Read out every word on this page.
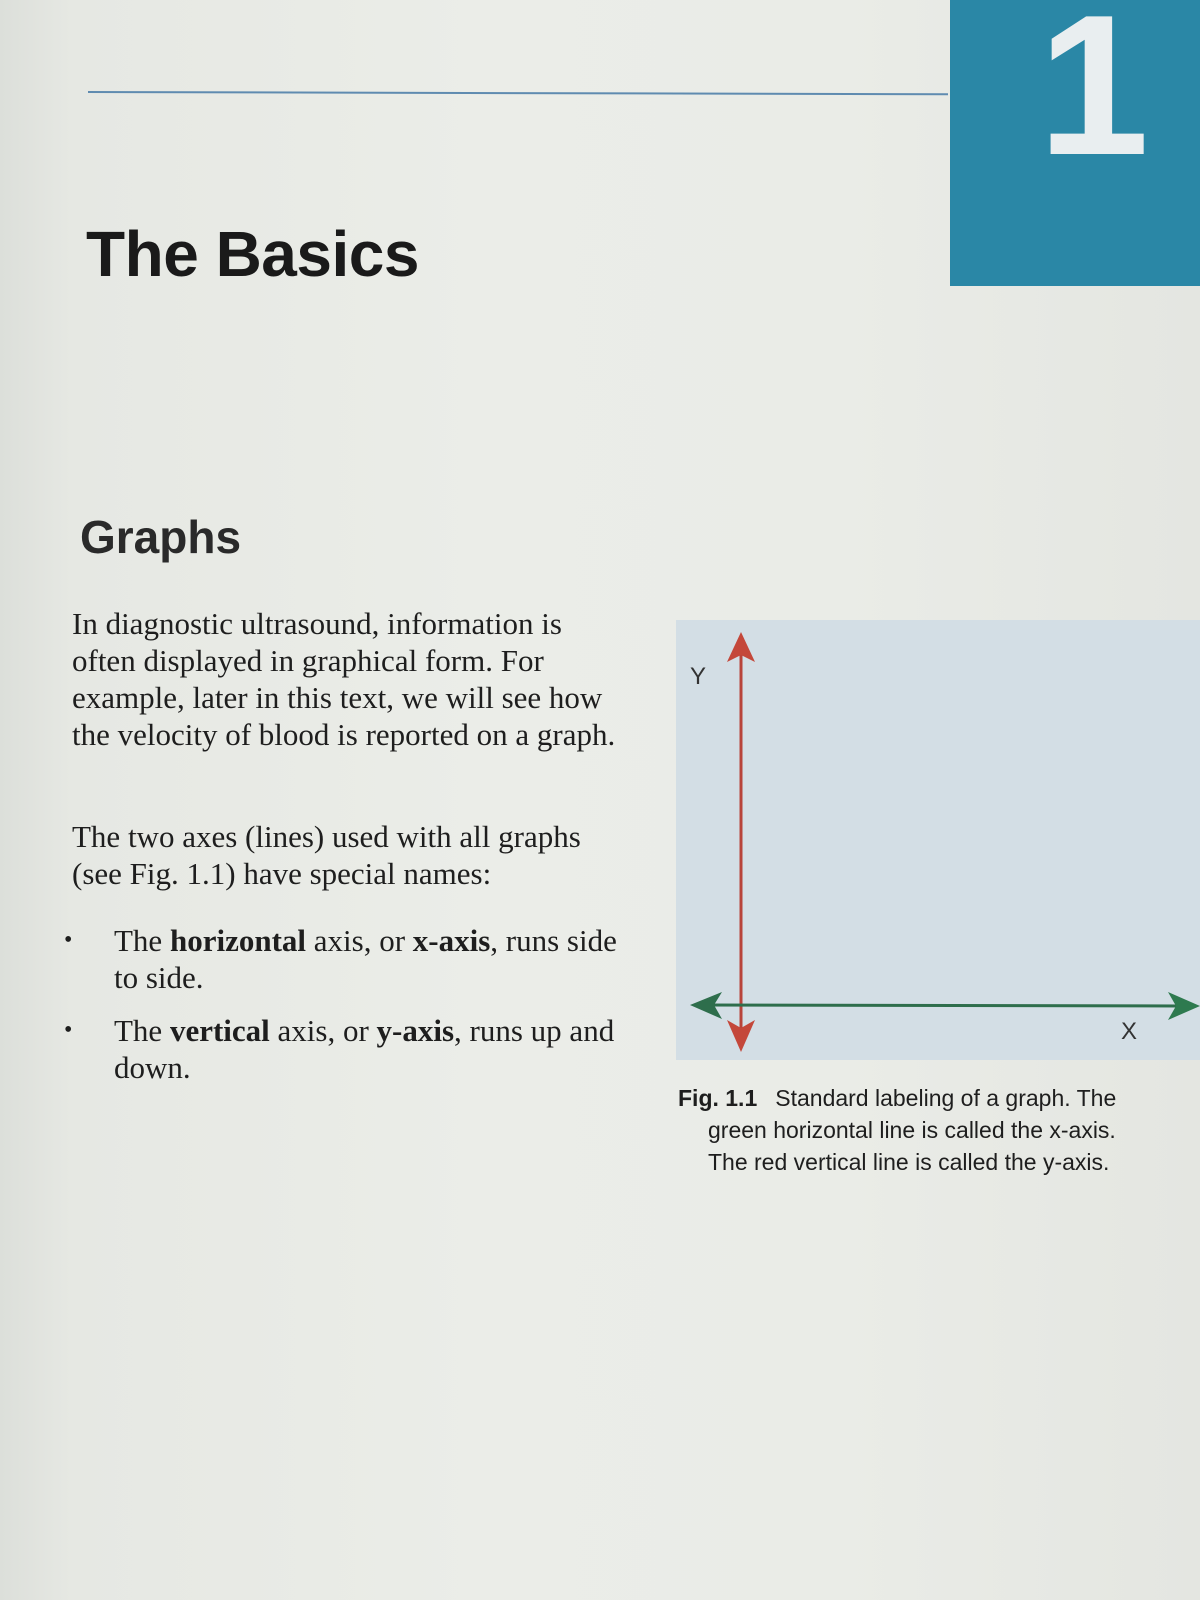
1
The Basics
Graphs

In diagnostic ultrasound, information is often displayed in graphical form. For example, later in this text, we will see how the velocity of blood is reported on a graph.

The two axes (lines) used with all graphs (see Fig. 1.1) have special names:

• The horizontal axis, or x-axis, runs side to side.
• The vertical axis, or y-axis, runs up and down.
Y
X

Fig. 1.1 Standard labeling of a graph. The
green horizontal line is called the x-axis.
The red vertical line is called the y-axis.
